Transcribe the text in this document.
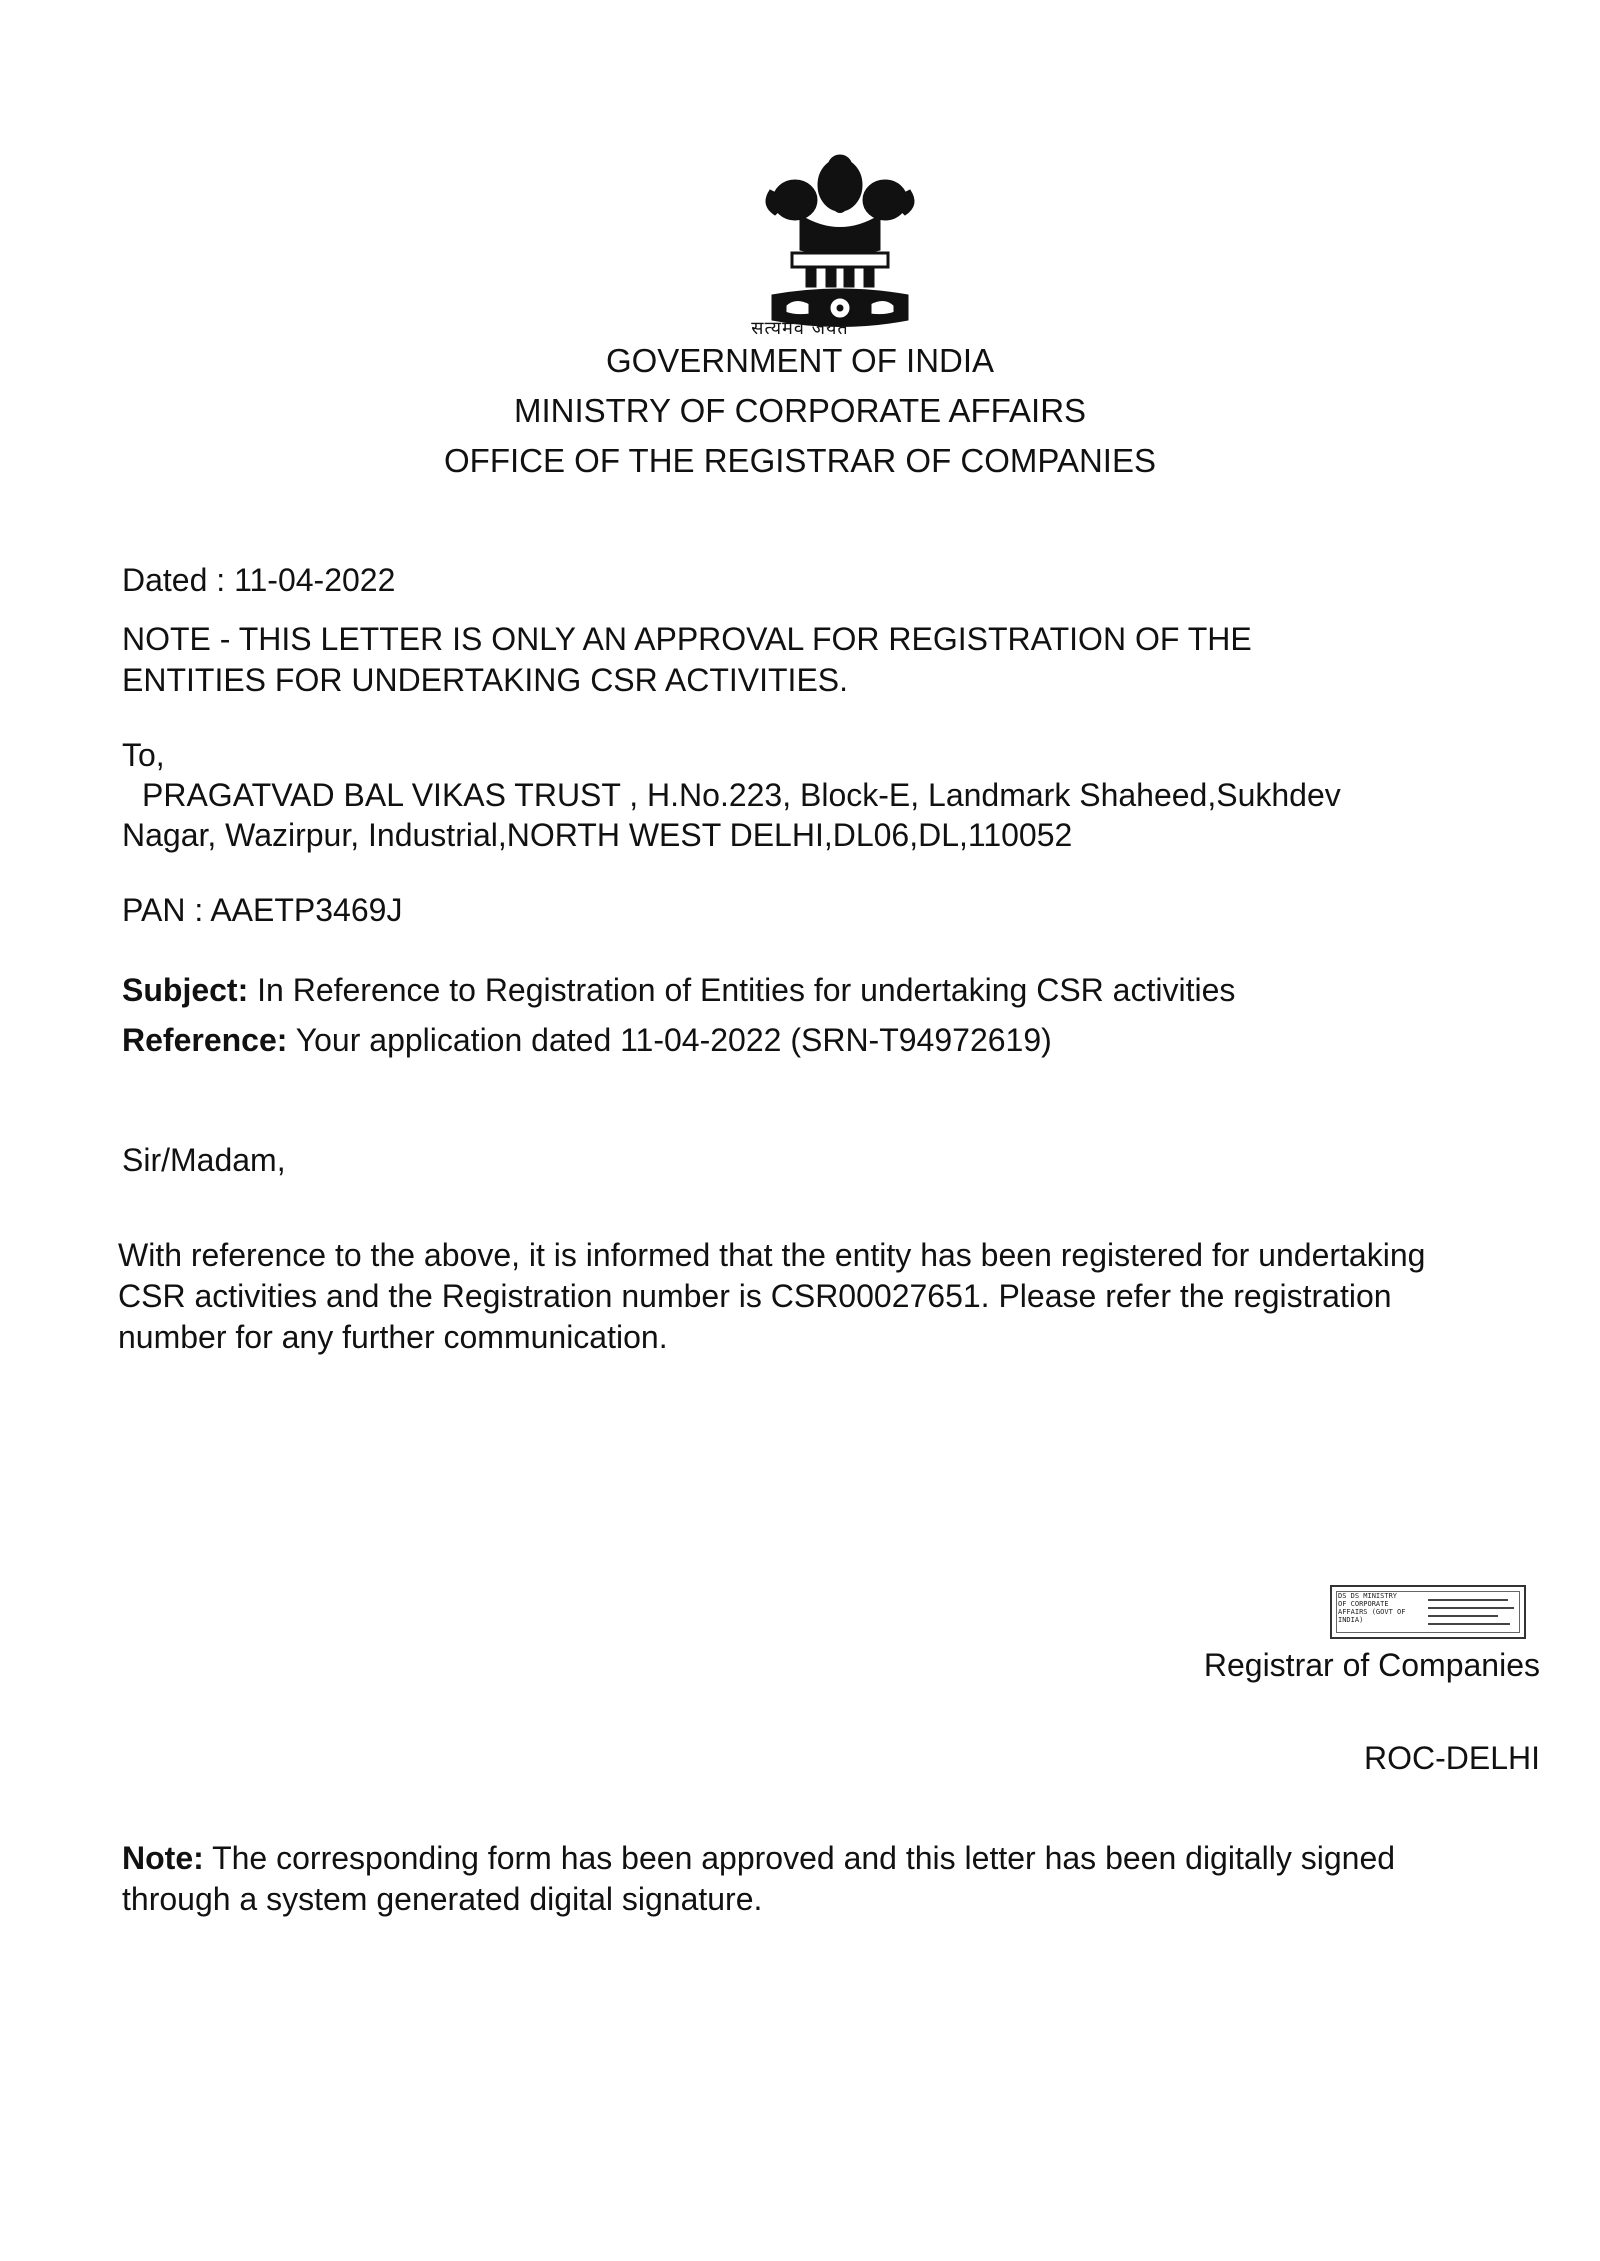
सत्यमेव जयते
GOVERNMENT OF INDIA
MINISTRY OF CORPORATE AFFAIRS
OFFICE OF THE REGISTRAR OF COMPANIES
Dated : 11-04-2022
NOTE - THIS LETTER IS ONLY AN APPROVAL FOR REGISTRATION OF THE
ENTITIES FOR UNDERTAKING CSR ACTIVITIES.
To,
PRAGATVAD BAL VIKAS TRUST , H.No.223, Block-E, Landmark Shaheed,Sukhdev
Nagar, Wazirpur, Industrial,NORTH WEST DELHI,DL06,DL,110052
PAN : AAETP3469J
Subject: In Reference to Registration of Entities for undertaking CSR activities
Reference: Your application dated 11-04-2022 (SRN-T94972619)
Sir/Madam,
With reference to the above, it is informed that the entity has been registered for undertaking
CSR activities and the Registration number is CSR00027651. Please refer the registration
number for any further communication.
DS DS MINISTRY
OF CORPORATE
AFFAIRS (GOVT OF
INDIA)
Registrar of Companies
ROC-DELHI
Note: The corresponding form has been approved and this letter has been digitally signed
through a system generated digital signature.
